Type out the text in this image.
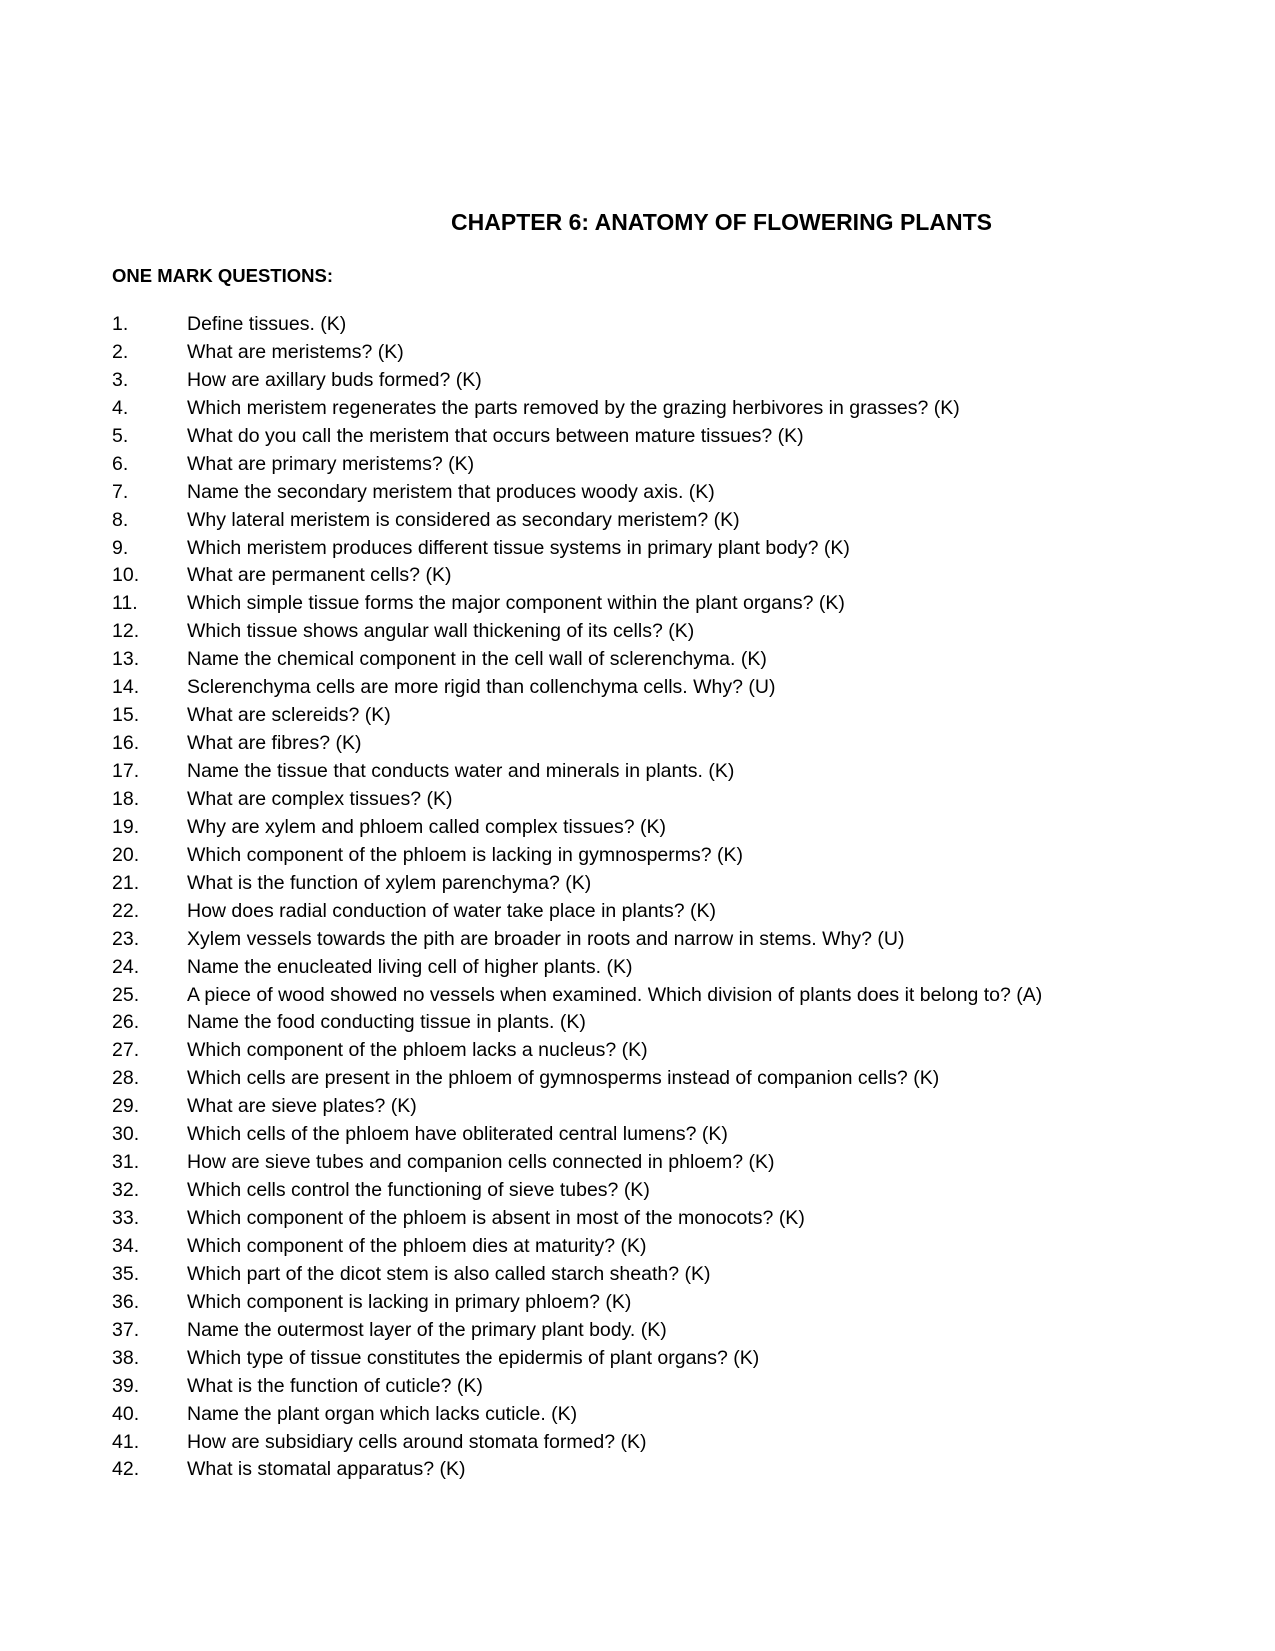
CHAPTER 6: ANATOMY OF FLOWERING PLANTS
ONE MARK QUESTIONS:
1.	Define tissues. (K)
2.	What are meristems? (K)
3.	How are axillary buds formed? (K)
4.	Which meristem regenerates the parts removed by the grazing herbivores in grasses? (K)
5.	What do you call the meristem that occurs between mature tissues? (K)
6.	What are primary meristems? (K)
7.	Name the secondary meristem that produces woody axis. (K)
8.	Why lateral meristem is considered as secondary meristem? (K)
9.	Which meristem produces different tissue systems in primary plant body? (K)
10.	What are permanent cells? (K)
11.	Which simple tissue forms the major component within the plant organs? (K)
12.	Which tissue shows angular wall thickening of its cells? (K)
13.	Name the chemical component in the cell wall of sclerenchyma. (K)
14.	Sclerenchyma cells are more rigid than collenchyma cells. Why? (U)
15.	What are sclereids? (K)
16.	What are fibres? (K)
17.	Name the tissue that conducts water and minerals in plants. (K)
18.	What are complex tissues? (K)
19.	Why are xylem and phloem called complex tissues? (K)
20.	Which component of the phloem is lacking in gymnosperms? (K)
21.	What is the function of xylem parenchyma? (K)
22.	How does radial conduction of water take place in plants? (K)
23.	Xylem vessels towards the pith are broader in roots and narrow in stems. Why? (U)
24.	Name the enucleated living cell of higher plants. (K)
25.	A piece of wood showed no vessels when examined. Which division of plants does it belong to? (A)
26.	Name the food conducting tissue in plants. (K)
27.	Which component of the phloem lacks a nucleus? (K)
28.	Which cells are present in the phloem of gymnosperms instead of companion cells? (K)
29.	What are sieve plates? (K)
30.	Which cells of the phloem have obliterated central lumens? (K)
31.	How are sieve tubes and companion cells connected in phloem? (K)
32.	Which cells control the functioning of sieve tubes? (K)
33.	Which component of the phloem is absent in most of the monocots? (K)
34.	Which component of the phloem dies at maturity? (K)
35.	Which part of the dicot stem is also called starch sheath? (K)
36.	Which component is lacking in primary phloem? (K)
37.	Name the outermost layer of the primary plant body. (K)
38.	Which type of tissue constitutes the epidermis of plant organs? (K)
39.	What is the function of cuticle? (K)
40.	Name the plant organ which lacks cuticle. (K)
41.	How are subsidiary cells around stomata formed? (K)
42.	What is stomatal apparatus? (K)
